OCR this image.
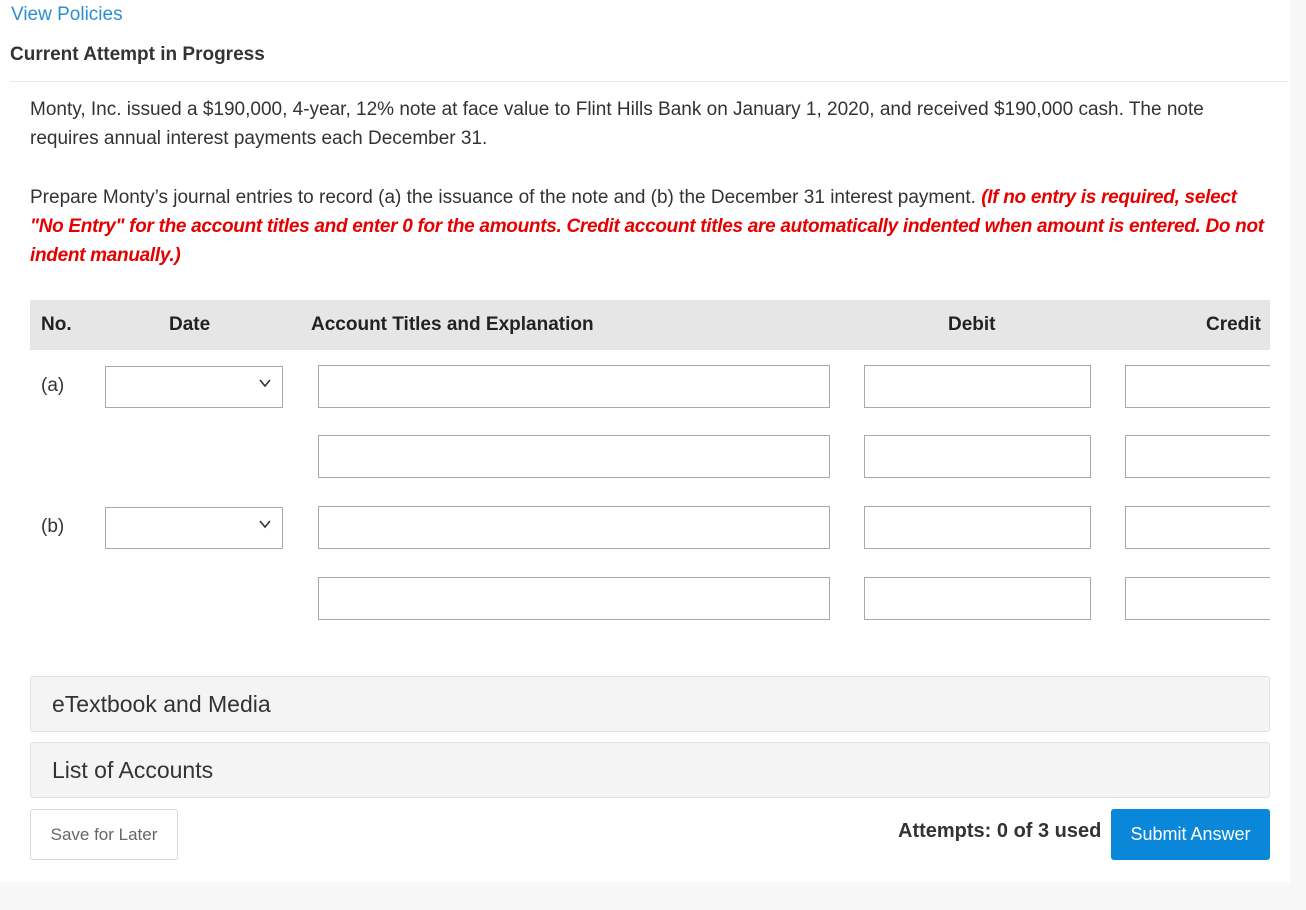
View Policies
Current Attempt in Progress
Monty, Inc. issued a $190,000, 4-year, 12% note at face value to Flint Hills Bank on January 1, 2020, and received $190,000 cash. The note requires annual interest payments each December 31.
Prepare Monty’s journal entries to record (a) the issuance of the note and (b) the December 31 interest payment. (If no entry is required, select "No Entry" for the account titles and enter 0 for the amounts. Credit account titles are automatically indented when amount is entered. Do not indent manually.)
No.	Date	Account Titles and Explanation	Debit	Credit
(a)
(b)
eTextbook and Media
List of Accounts
Save for Later	Attempts: 0 of 3 used	Submit Answer
